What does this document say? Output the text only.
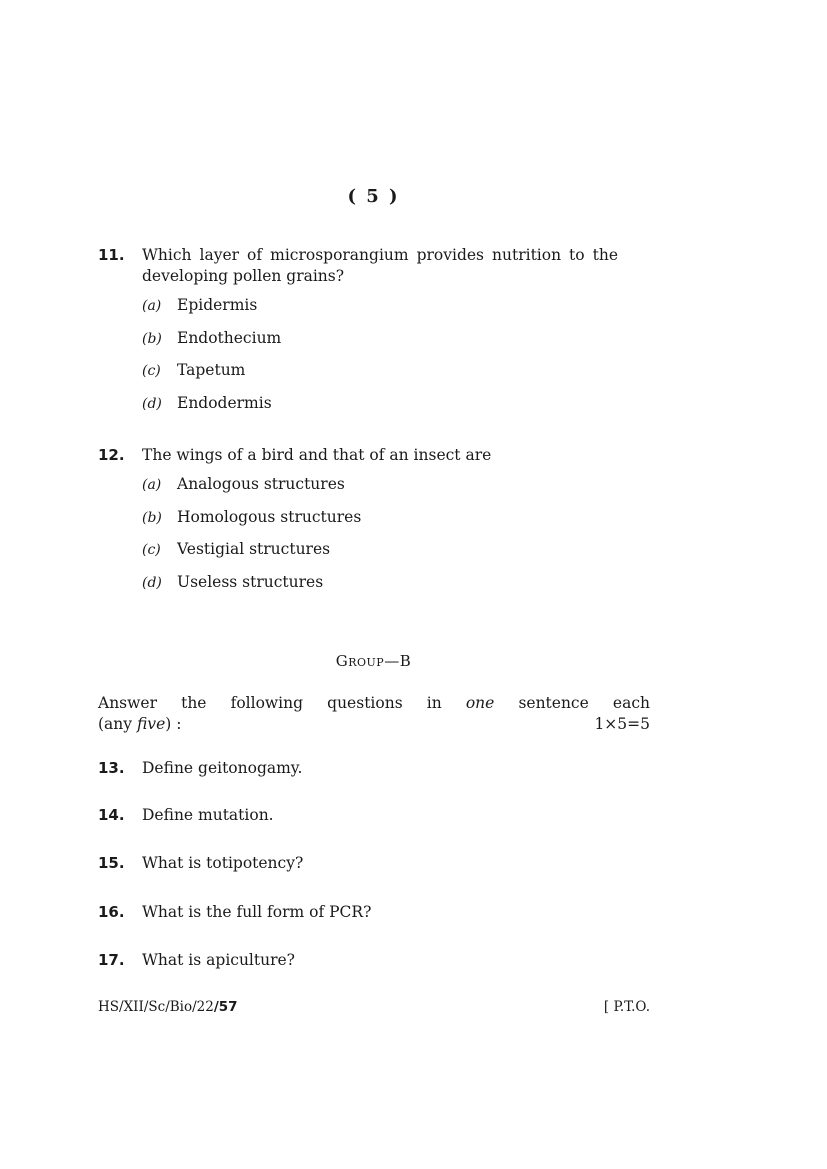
( 5 )
11.	Which layer of microsporangium provides nutrition to the developing pollen grains?
(a) Epidermis
(b) Endothecium
(c) Tapetum
(d) Endodermis
12.	The wings of a bird and that of an insect are
(a) Analogous structures
(b) Homologous structures
(c) Vestigial structures
(d) Useless structures
Group—B
Answer the following questions in one sentence each
(any five) :	1×5=5
13. Define geitonogamy.
14. Define mutation.
15. What is totipotency?
16. What is the full form of PCR?
17. What is apiculture?
HS/XII/Sc/Bio/22/57	[ P.T.O.
